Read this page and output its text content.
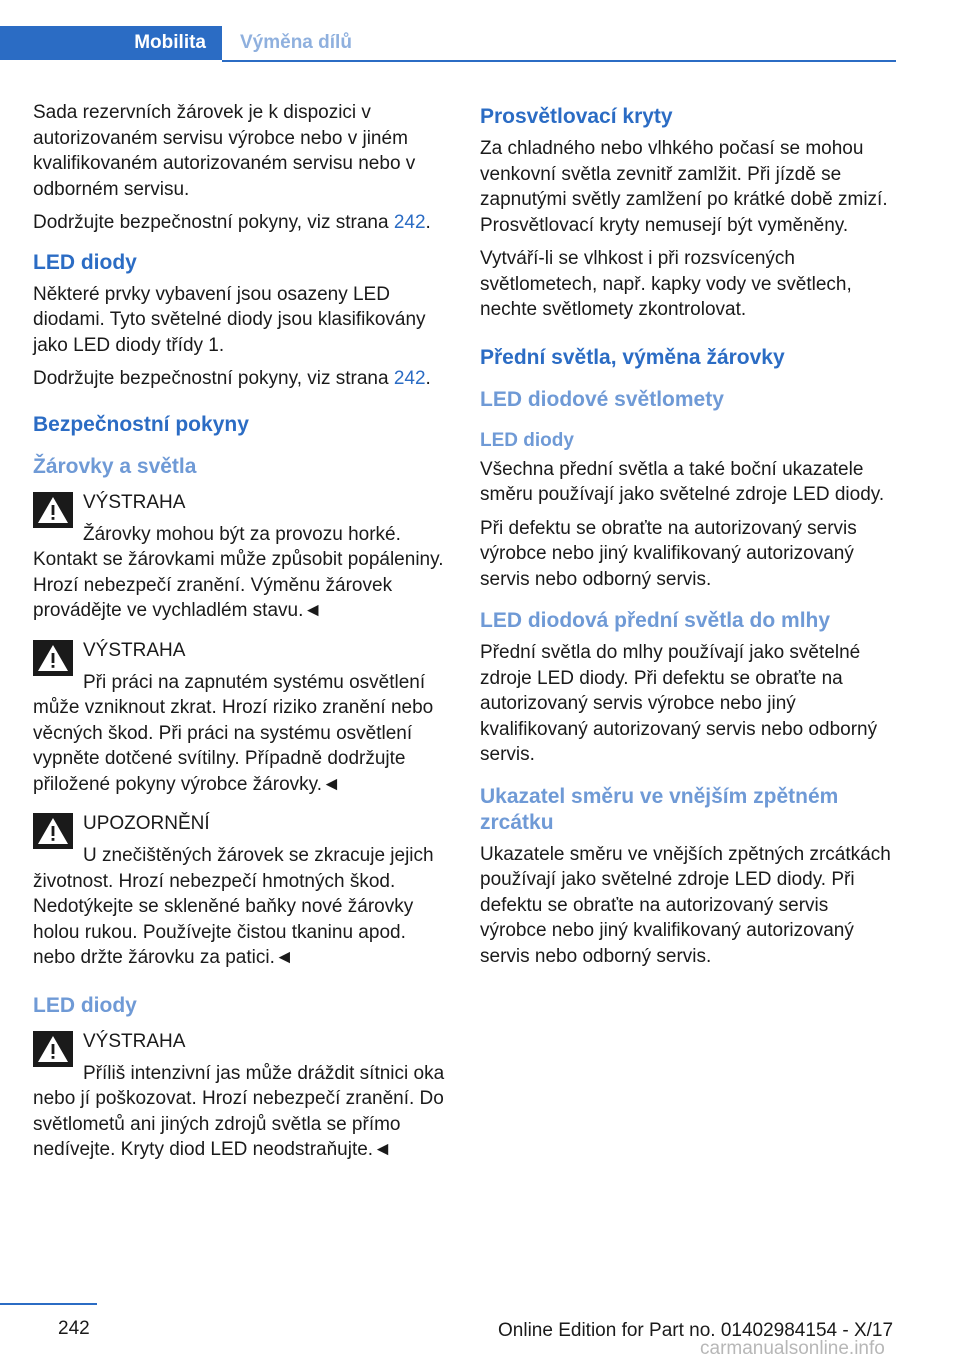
Mobilita	Výměna dílů

Sada rezervních žárovek je k dispozici v autorizovaném servisu výrobce nebo v jiném kvalifikovaném autorizovaném servisu nebo v odborném servisu.

Dodržujte bezpečnostní pokyny, viz strana 242.

LED diody

Některé prvky vybavení jsou osazeny LED diodami. Tyto světelné diody jsou klasifikovány jako LED diody třídy 1.

Dodržujte bezpečnostní pokyny, viz strana 242.

Bezpečnostní pokyny
Žárovky a světla
VÝSTRAHA
Žárovky mohou být za provozu horké. Kontakt se žárovkami může způsobit popáleniny. Hrozí nebezpečí zranění. Výměnu žárovek provádějte ve vychladlém stavu.◄
VÝSTRAHA
Při práci na zapnutém systému osvětlení může vzniknout zkrat. Hrozí riziko zranění nebo věcných škod. Při práci na systému osvětlení vypněte dotčené svítilny. Případně dodržujte přiložené pokyny výrobce žárovky.◄
UPOZORNĚNÍ
U znečištěných žárovek se zkracuje jejich životnost. Hrozí nebezpečí hmotných škod. Nedotýkejte se skleněné baňky nové žárovky holou rukou. Používejte čistou tkaninu apod. nebo držte žárovku za patici.◄
LED diody
VÝSTRAHA
Příliš intenzivní jas může dráždit sítnici oka nebo jí poškozovat. Hrozí nebezpečí zranění. Do světlometů ani jiných zdrojů světla se přímo nedívejte. Kryty diod LED neodstraňujte.◄
Prosvětlovací kryty

Za chladného nebo vlhkého počasí se mohou venkovní světla zevnitř zamlžit. Při jízdě se zapnutými světly zamlžení po krátké době zmizí. Prosvětlovací kryty nemusejí být vyměněny.

Vytváří-li se vlhkost i při rozsvícených světlometech, např. kapky vody ve světlech, nechte světlomety zkontrolovat.

Přední světla, výměna žárovky
LED diodové světlomety
LED diody

Všechna přední světla a také boční ukazatele směru používají jako světelné zdroje LED diody.

Při defektu se obraťte na autorizovaný servis výrobce nebo jiný kvalifikovaný autorizovaný servis nebo odborný servis.

LED diodová přední světla do mlhy

Přední světla do mlhy používají jako světelné zdroje LED diody. Při defektu se obraťte na autorizovaný servis výrobce nebo jiný kvalifikovaný autorizovaný servis nebo odborný servis.

Ukazatel směru ve vnějším zpětném zrcátku

Ukazatele směru ve vnějších zpětných zrcátkách používají jako světelné zdroje LED diody. Při defektu se obraťte na autorizovaný servis výrobce nebo jiný kvalifikovaný autorizovaný servis nebo odborný servis.

242	Online Edition for Part no. 01402984154 - X/17
carmanualsonline.info
